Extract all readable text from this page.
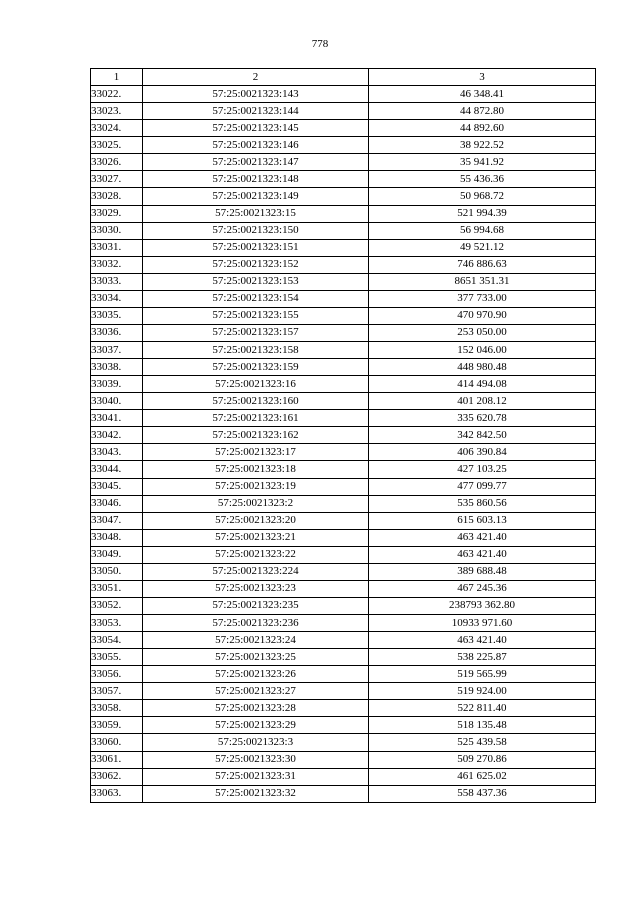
778
1	2	3
33022.	57:25:0021323:143	46 348.41
33023.	57:25:0021323:144	44 872.80
33024.	57:25:0021323:145	44 892.60
33025.	57:25:0021323:146	38 922.52
33026.	57:25:0021323:147	35 941.92
33027.	57:25:0021323:148	55 436.36
33028.	57:25:0021323:149	50 968.72
33029.	57:25:0021323:15	521 994.39
33030.	57:25:0021323:150	56 994.68
33031.	57:25:0021323:151	49 521.12
33032.	57:25:0021323:152	746 886.63
33033.	57:25:0021323:153	8651 351.31
33034.	57:25:0021323:154	377 733.00
33035.	57:25:0021323:155	470 970.90
33036.	57:25:0021323:157	253 050.00
33037.	57:25:0021323:158	152 046.00
33038.	57:25:0021323:159	448 980.48
33039.	57:25:0021323:16	414 494.08
33040.	57:25:0021323:160	401 208.12
33041.	57:25:0021323:161	335 620.78
33042.	57:25:0021323:162	342 842.50
33043.	57:25:0021323:17	406 390.84
33044.	57:25:0021323:18	427 103.25
33045.	57:25:0021323:19	477 099.77
33046.	57:25:0021323:2	535 860.56
33047.	57:25:0021323:20	615 603.13
33048.	57:25:0021323:21	463 421.40
33049.	57:25:0021323:22	463 421.40
33050.	57:25:0021323:224	389 688.48
33051.	57:25:0021323:23	467 245.36
33052.	57:25:0021323:235	238793 362.80
33053.	57:25:0021323:236	10933 971.60
33054.	57:25:0021323:24	463 421.40
33055.	57:25:0021323:25	538 225.87
33056.	57:25:0021323:26	519 565.99
33057.	57:25:0021323:27	519 924.00
33058.	57:25:0021323:28	522 811.40
33059.	57:25:0021323:29	518 135.48
33060.	57:25:0021323:3	525 439.58
33061.	57:25:0021323:30	509 270.86
33062.	57:25:0021323:31	461 625.02
33063.	57:25:0021323:32	558 437.36
